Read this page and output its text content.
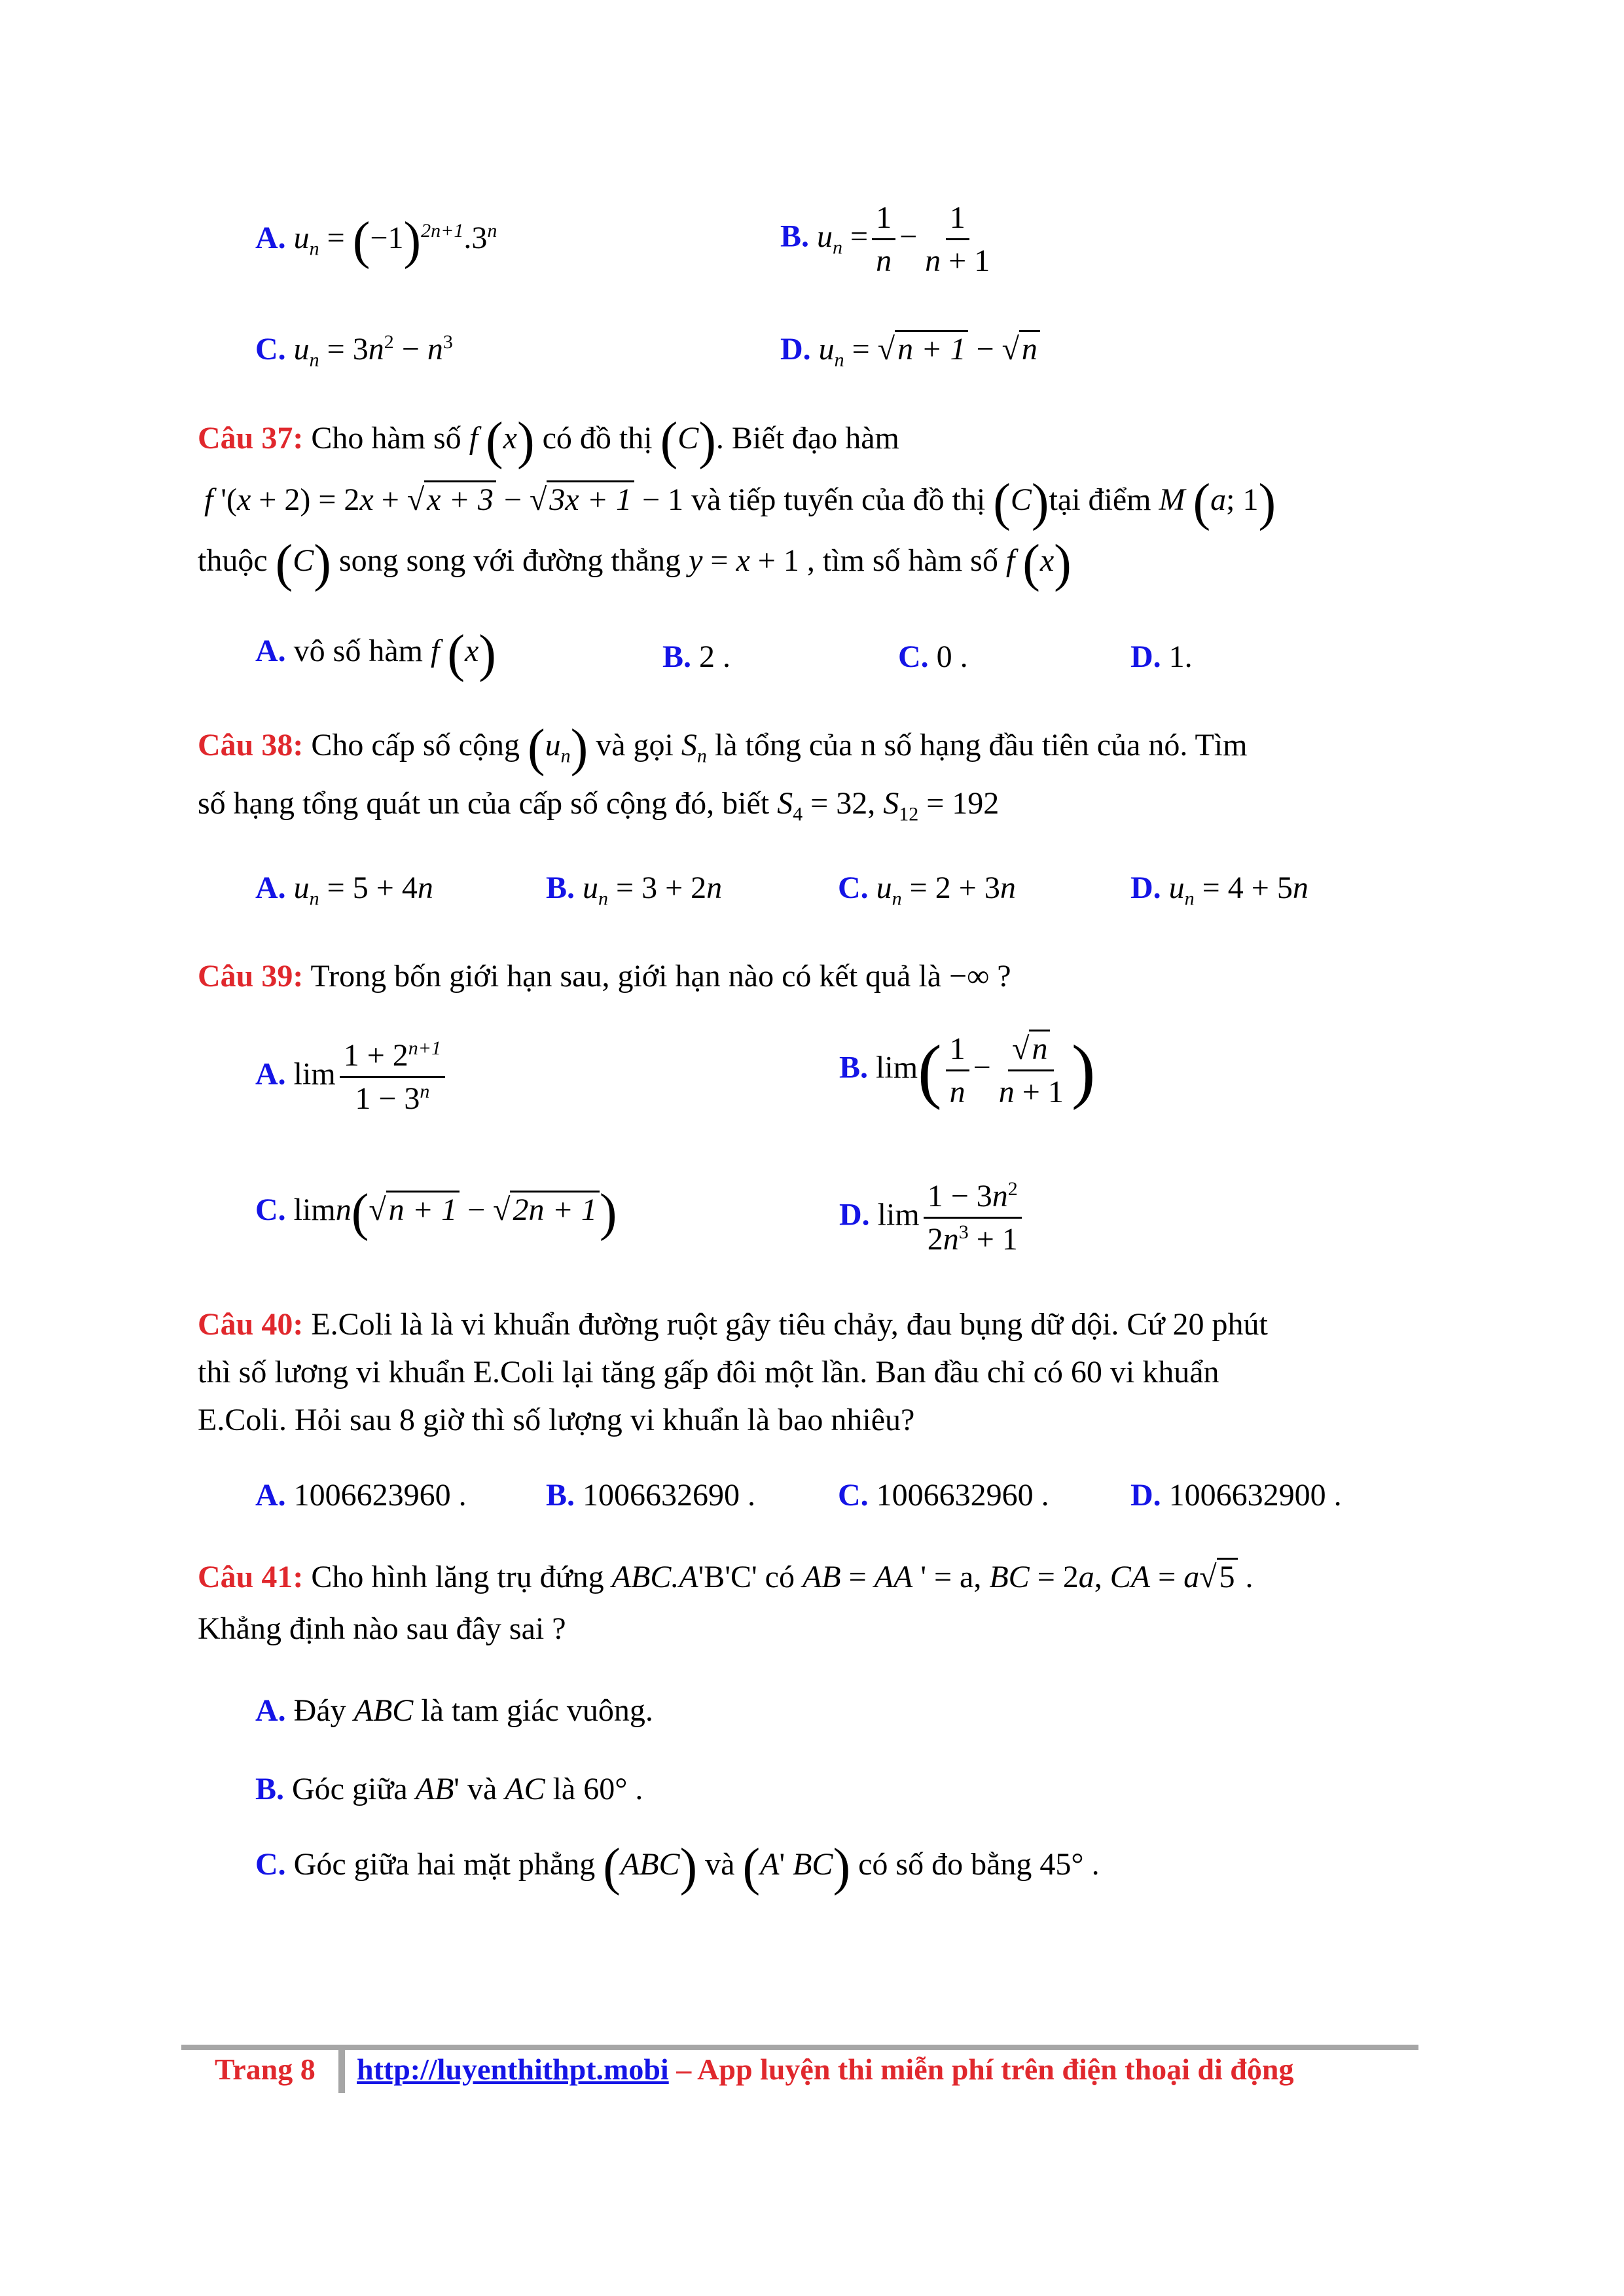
A. $u_n = (-1)^{2n+1}.3^n$	B. $u_n = \frac{1}{n} - \frac{1}{n + 1}$
C. $u_n = 3n^2 - n^3$	D. $u_n = √n + 1 - √n$
Câu 37: Cho hàm số f (x) có đồ thị (C). Biết đạo hàm
f '(x + 2) = 2x + √x + 3 − √3x + 1 − 1 và tiếp tuyến của đồ thị (C)tại điểm M (a; 1)
thuộc (C) song song với đường thẳng y = x + 1 , tìm số hàm số f (x)
A. vô số hàm f (x)	B. 2 .	C. 0 .	D. 1.
Câu 38: Cho cấp số cộng $(u_n)$ và gọi $S_n$ là tổng của n số hạng đầu tiên của nó. Tìm
số hạng tổng quát un của cấp số cộng đó, biết $S_4 = 32$, $S_{12} = 192$
A. $u_n = 5 + 4n$	B. $u_n = 3 + 2n$	C. $u_n = 2 + 3n$	D. $u_n = 4 + 5n$
Câu 39: Trong bốn giới hạn sau, giới hạn nào có kết quả là −∞ ?
A. $\lim \frac{1 + 2^{n+1}}{1 - 3^n}$	B. $\lim( \frac{1}{n} - \frac{√n}{n + 1}$ )
C. limn(√n + 1 − √2n + 1)	D. $\lim \frac{1 - 3n^2}{2n^3 + 1}$
Câu 40: E.Coli là là vi khuẩn đường ruột gây tiêu chảy, đau bụng dữ dội. Cứ 20 phút
thì số lương vi khuẩn E.Coli lại tăng gấp đôi một lần. Ban đầu chỉ có 60 vi khuẩn
E.Coli. Hỏi sau 8 giờ thì số lượng vi khuẩn là bao nhiêu?
A. 1006623960 .	B. 1006632690 .	C. 1006632960 .	D. 1006632900 .
Câu 41: Cho hình lăng trụ đứng ABC.A'B'C' có AB = AA ' = a, BC = 2a, CA = a√5 .
Khẳng định nào sau đây sai ?
A. Đáy ABC là tam giác vuông.
B. Góc giữa AB' và AC là 60° .
C. Góc giữa hai mặt phẳng (ABC) và (A' BC) có số đo bằng 45° .
Trang 8 http://luyenthithpt.mobi – App luyện thi miễn phí trên điện thoại di động
